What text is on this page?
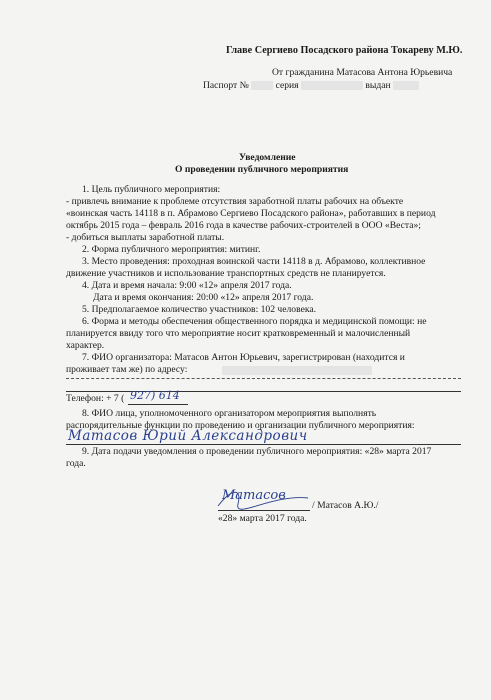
Главе Сергиево Посадского района Токареву М.Ю.
От гражданина Матасова Антона Юрьевича
Паспорт №	серия	выдан
Уведомление
О проведении публичного мероприятия
1. Цель публичного мероприятия:
- привлечь внимание к проблеме отсутствия заработной платы рабочих на объекте
«воинская часть 14118 в п. Абрамово Сергиево Посадского района», работавших в период
октябрь 2015 года – февраль 2016 года в качестве рабочих-строителей в ООО «Веста»;
- добиться выплаты заработной платы.
2. Форма публичного мероприятия: митинг.
3. Место проведения: проходная воинской части 14118 в д. Абрамово, коллективное
движение участников и использование транспортных средств не планируется.
4. Дата и время начала: 9:00 «12» апреля 2017 года.
Дата и время окончания: 20:00 «12» апреля 2017 года.
5. Предполагаемое количество участников: 102 человека.
6. Форма и методы обеспечения общественного порядка и медицинской помощи: не
планируется ввиду того что мероприятие носит кратковременный и малочисленный
характер.
7. ФИО организатора: Матасов Антон Юрьевич, зарегистрирован (находится и
проживает там же) по адресу:
Телефон: + 7 ( 927) 614
8. ФИО лица, уполномоченного организатором мероприятия выполнять
распорядительные функции по проведению и организации публичного мероприятия:
Матасов Юрий Александрович
9. Дата подачи уведомления о проведении публичного мероприятия: «28» марта 2017
года.
Матасов
/ Матасов А.Ю./
«28» марта 2017 года.
